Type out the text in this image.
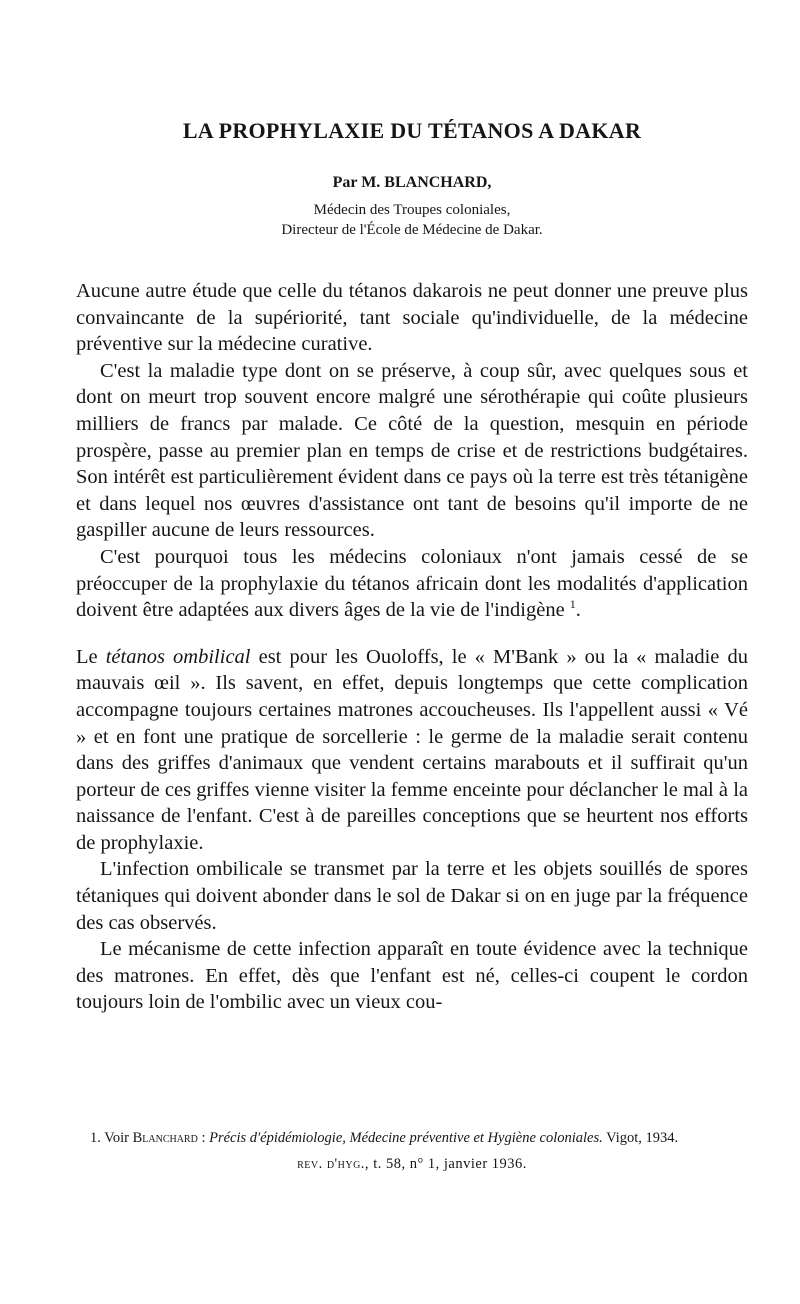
LA PROPHYLAXIE DU TÉTANOS A DAKAR
Par M. BLANCHARD,
Médecin des Troupes coloniales,
Directeur de l'École de Médecine de Dakar.

Aucune autre étude que celle du tétanos dakarois ne peut donner une preuve plus convaincante de la supériorité, tant sociale qu'individuelle, de la médecine préventive sur la médecine curative.

C'est la maladie type dont on se préserve, à coup sûr, avec quelques sous et dont on meurt trop souvent encore malgré une sérothérapie qui coûte plusieurs milliers de francs par malade. Ce côté de la question, mesquin en période prospère, passe au premier plan en temps de crise et de restrictions budgétaires. Son intérêt est particulièrement évident dans ce pays où la terre est très tétanigène et dans lequel nos œuvres d'assistance ont tant de besoins qu'il importe de ne gaspiller aucune de leurs ressources.

C'est pourquoi tous les médecins coloniaux n'ont jamais cessé de se préoccuper de la prophylaxie du tétanos africain dont les modalités d'application doivent être adaptées aux divers âges de la vie de l'indigène $^1$.

Le tétanos ombilical est pour les Ouoloffs, le « M'Bank » ou la « maladie du mauvais œil ». Ils savent, en effet, depuis longtemps que cette complication accompagne toujours certaines matrones accoucheuses. Ils l'appellent aussi « Vé » et en font une pratique de sorcellerie : le germe de la maladie serait contenu dans des griffes d'animaux que vendent certains marabouts et il suffirait qu'un porteur de ces griffes vienne visiter la femme enceinte pour déclancher le mal à la naissance de l'enfant. C'est à de pareilles conceptions que se heurtent nos efforts de prophylaxie.

L'infection ombilicale se transmet par la terre et les objets souillés de spores tétaniques qui doivent abonder dans le sol de Dakar si on en juge par la fréquence des cas observés.

Le mécanisme de cette infection apparaît en toute évidence avec la technique des matrones. En effet, dès que l'enfant est né, celles-ci coupent le cordon toujours loin de l'ombilic avec un vieux cou-

1. Voir Blanchard : Précis d'épidémiologie, Médecine préventive et Hygiène coloniales. Vigot, 1934.

rev. d'hyg., t. 58, n° 1, janvier 1936.
